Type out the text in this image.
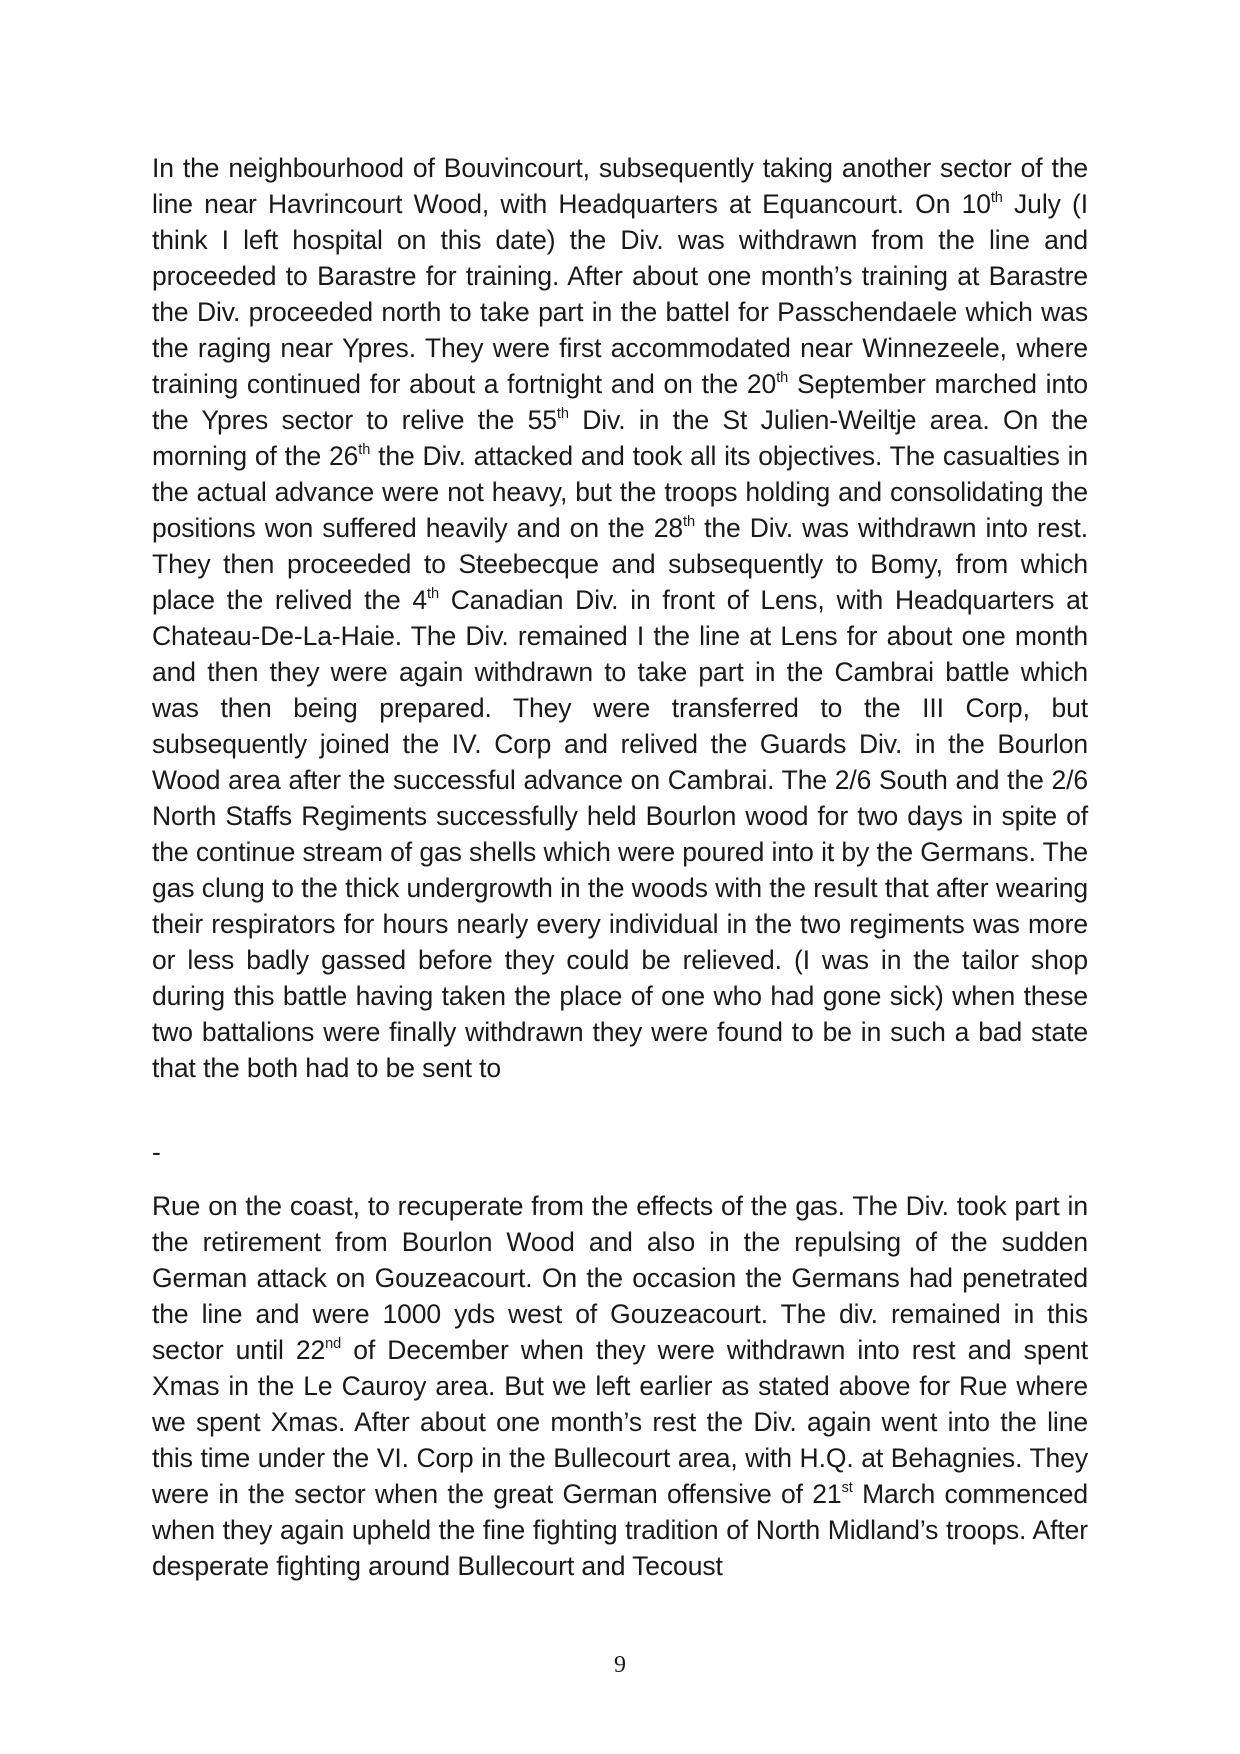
In the neighbourhood of Bouvincourt, subsequently taking another sector of the line near Havrincourt Wood, with Headquarters at Equancourt. On 10th July (I think I left hospital on this date) the Div. was withdrawn from the line and proceeded to Barastre for training. After about one month’s training at Barastre the Div. proceeded north to take part in the battel for Passchendaele which was the raging near Ypres. They were first accommodated near Winnezeele, where training continued for about a fortnight and on the 20th September marched into the Ypres sector to relive the 55th Div. in the St Julien-Weiltje area. On the morning of the 26th the Div. attacked and took all its objectives. The casualties in the actual advance were not heavy, but the troops holding and consolidating the positions won suffered heavily and on the 28th the Div. was withdrawn into rest. They then proceeded to Steebecque and subsequently to Bomy, from which place the relived the 4th Canadian Div. in front of Lens, with Headquarters at Chateau-De-La-Haie. The Div. remained I the line at Lens for about one month and then they were again withdrawn to take part in the Cambrai battle which was then being prepared. They were transferred to the III Corp, but subsequently joined the IV. Corp and relived the Guards Div. in the Bourlon Wood area after the successful advance on Cambrai. The 2/6 South and the 2/6 North Staffs Regiments successfully held Bourlon wood for two days in spite of the continue stream of gas shells which were poured into it by the Germans. The gas clung to the thick undergrowth in the woods with the result that after wearing their respirators for hours nearly every individual in the two regiments was more or less badly gassed before they could be relieved. (I was in the tailor shop during this battle having taken the place of one who had gone sick) when these two battalions were finally withdrawn they were found to be in such a bad state that the both had to be sent to

-

Rue on the coast, to recuperate from the effects of the gas. The Div. took part in the retirement from Bourlon Wood and also in the repulsing of the sudden German attack on Gouzeacourt. On the occasion the Germans had penetrated the line and were 1000 yds west of Gouzeacourt. The div. remained in this sector until 22nd of December when they were withdrawn into rest and spent Xmas in the Le Cauroy area. But we left earlier as stated above for Rue where we spent Xmas. After about one month’s rest the Div. again went into the line this time under the VI. Corp in the Bullecourt area, with H.Q. at Behagnies. They were in the sector when the great German offensive of 21st March commenced when they again upheld the fine fighting tradition of North Midland’s troops. After desperate fighting around Bullecourt and Tecoust

9
